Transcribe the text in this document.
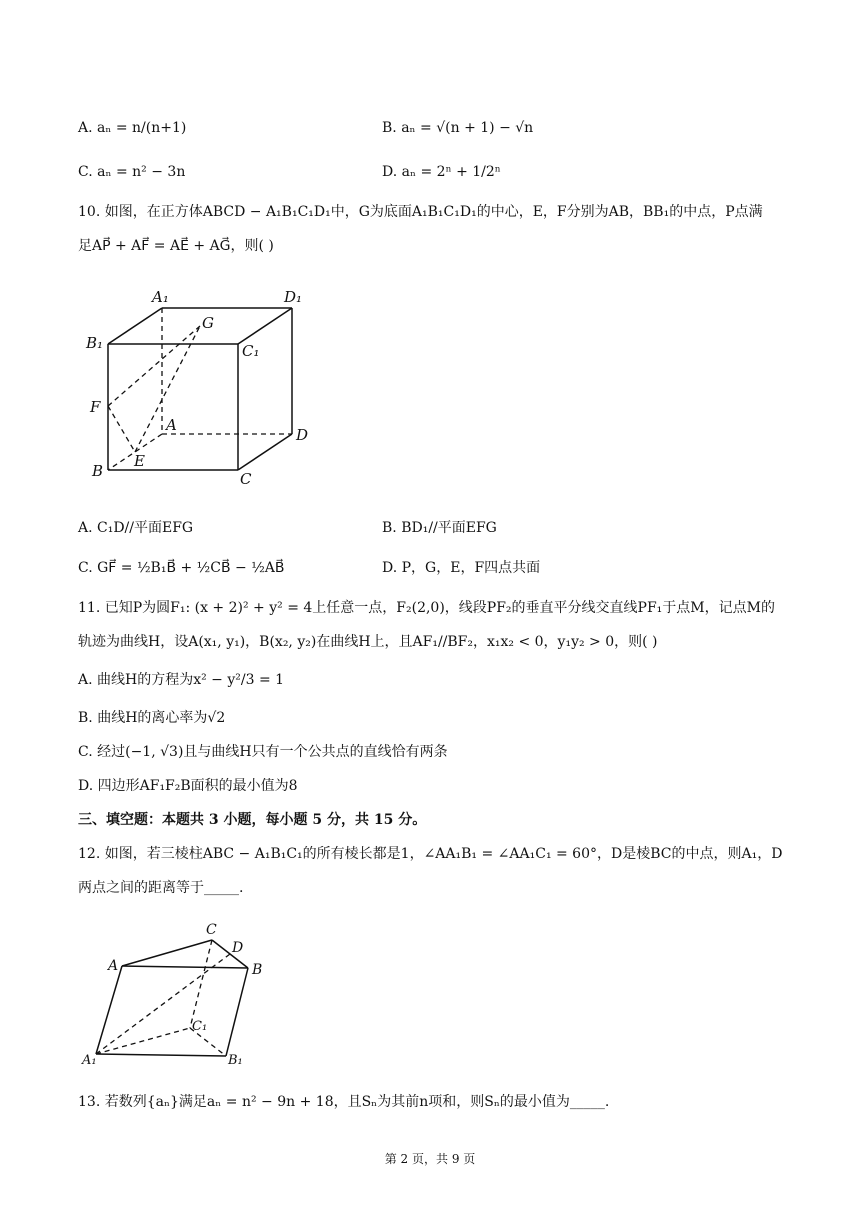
A. aₙ = n/(n+1)	B. aₙ = √(n + 1) − √n
C. aₙ = n² − 3n	D. aₙ = 2ⁿ + 1/2ⁿ
10. 如图，在正方体ABCD − A₁B₁C₁D₁中，G为底面A₁B₁C₁D₁的中心，E，F分别为AB，BB₁的中点，P点满
足AP⃗ + AF⃗ = AE⃗ + AG⃗，则( )
A₁	D₁
G
B₁	C₁
F
A
D
B
E
C
A. C₁D//平面EFG	B. BD₁//平面EFG
C. GF⃗ = ½B₁B⃗ + ½CB⃗ − ½AB⃗	D. P，G，E，F四点共面
11. 已知P为圆F₁: (x + 2)² + y² = 4上任意一点，F₂(2,0)，线段PF₂的垂直平分线交直线PF₁于点M，记点M的
轨迹为曲线H，设A(x₁, y₁)，B(x₂, y₂)在曲线H上，且AF₁//BF₂，x₁x₂ < 0，y₁y₂ > 0，则( )
A. 曲线H的方程为x² − y²/3 = 1
B. 曲线H的离心率为√2
C. 经过(−1, √3)且与曲线H只有一个公共点的直线恰有两条
D. 四边形AF₁F₂B面积的最小值为8
三、填空题：本题共 3 小题，每小题 5 分，共 15 分。
12. 如图，若三棱柱ABC − A₁B₁C₁的所有棱长都是1，∠AA₁B₁ = ∠AA₁C₁ = 60°，D是棱BC的中点，则A₁，D
两点之间的距离等于_____.
C
D
A	B
C₁
A₁	B₁
13. 若数列{aₙ}满足aₙ = n² − 9n + 18，且Sₙ为其前n项和，则Sₙ的最小值为_____.
第 2 页，共 9 页
